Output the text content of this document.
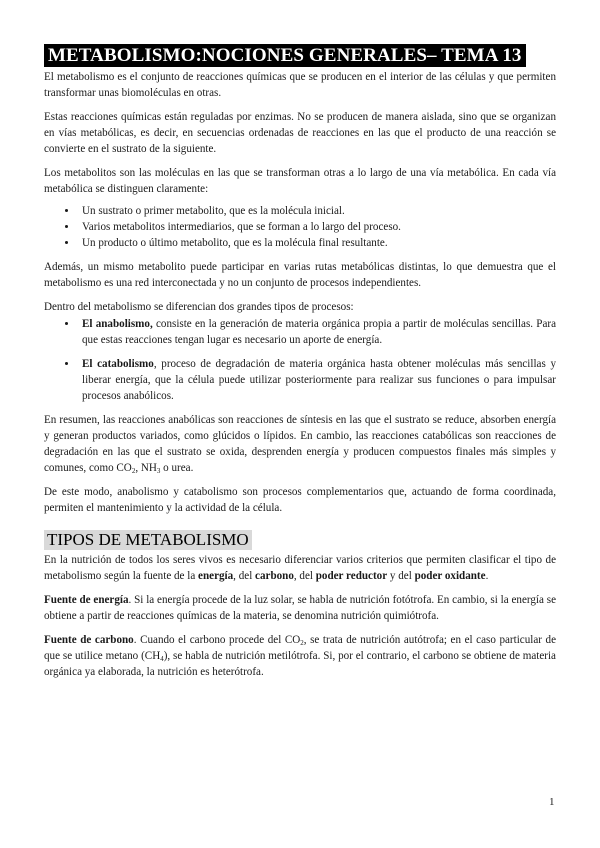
METABOLISMO:NOCIONES GENERALES– TEMA 13

El metabolismo es el conjunto de reacciones químicas que se producen en el interior de las células y que permiten transformar unas biomoléculas en otras.

Estas reacciones químicas están reguladas por enzimas. No se producen de manera aislada, sino que se organizan en vías metabólicas, es decir, en secuencias ordenadas de reacciones en las que el producto de una reacción se convierte en el sustrato de la siguiente.

Los metabolitos son las moléculas en las que se transforman otras a lo largo de una vía metabólica. En cada vía metabólica se distinguen claramente:

• Un sustrato o primer metabolito, que es la molécula inicial.
• Varios metabolitos intermediarios, que se forman a lo largo del proceso.
• Un producto o último metabolito, que es la molécula final resultante.

Además, un mismo metabolito puede participar en varias rutas metabólicas distintas, lo que demuestra que el metabolismo es una red interconectada y no un conjunto de procesos independientes.

Dentro del metabolismo se diferencian dos grandes tipos de procesos:

• El anabolismo, consiste en la generación de materia orgánica propia a partir de moléculas sencillas. Para que estas reacciones tengan lugar es necesario un aporte de energía.
• El catabolismo, proceso de degradación de materia orgánica hasta obtener moléculas más sencillas y liberar energía, que la célula puede utilizar posteriormente para realizar sus funciones o para impulsar procesos anabólicos.

En resumen, las reacciones anabólicas son reacciones de síntesis en las que el sustrato se reduce, absorben energía y generan productos variados, como glúcidos o lípidos. En cambio, las reacciones catabólicas son reacciones de degradación en las que el sustrato se oxida, desprenden energía y producen compuestos finales más simples y comunes, como $CO_2$, $NH_3$ o urea.

De este modo, anabolismo y catabolismo son procesos complementarios que, actuando de forma coordinada, permiten el mantenimiento y la actividad de la célula.

TIPOS DE METABOLISMO

En la nutrición de todos los seres vivos es necesario diferenciar varios criterios que permiten clasificar el tipo de metabolismo según la fuente de la energía, del carbono, del poder reductor y del poder oxidante.

Fuente de energía. Si la energía procede de la luz solar, se habla de nutrición fotótrofa. En cambio, si la energía se obtiene a partir de reacciones químicas de la materia, se denomina nutrición quimiótrofa.

Fuente de carbono. Cuando el carbono procede del $CO_2$, se trata de nutrición autótrofa; en el caso particular de que se utilice metano $(CH_4)$, se habla de nutrición metilótrofa. Si, por el contrario, el carbono se obtiene de materia orgánica ya elaborada, la nutrición es heterótrofa.

1
